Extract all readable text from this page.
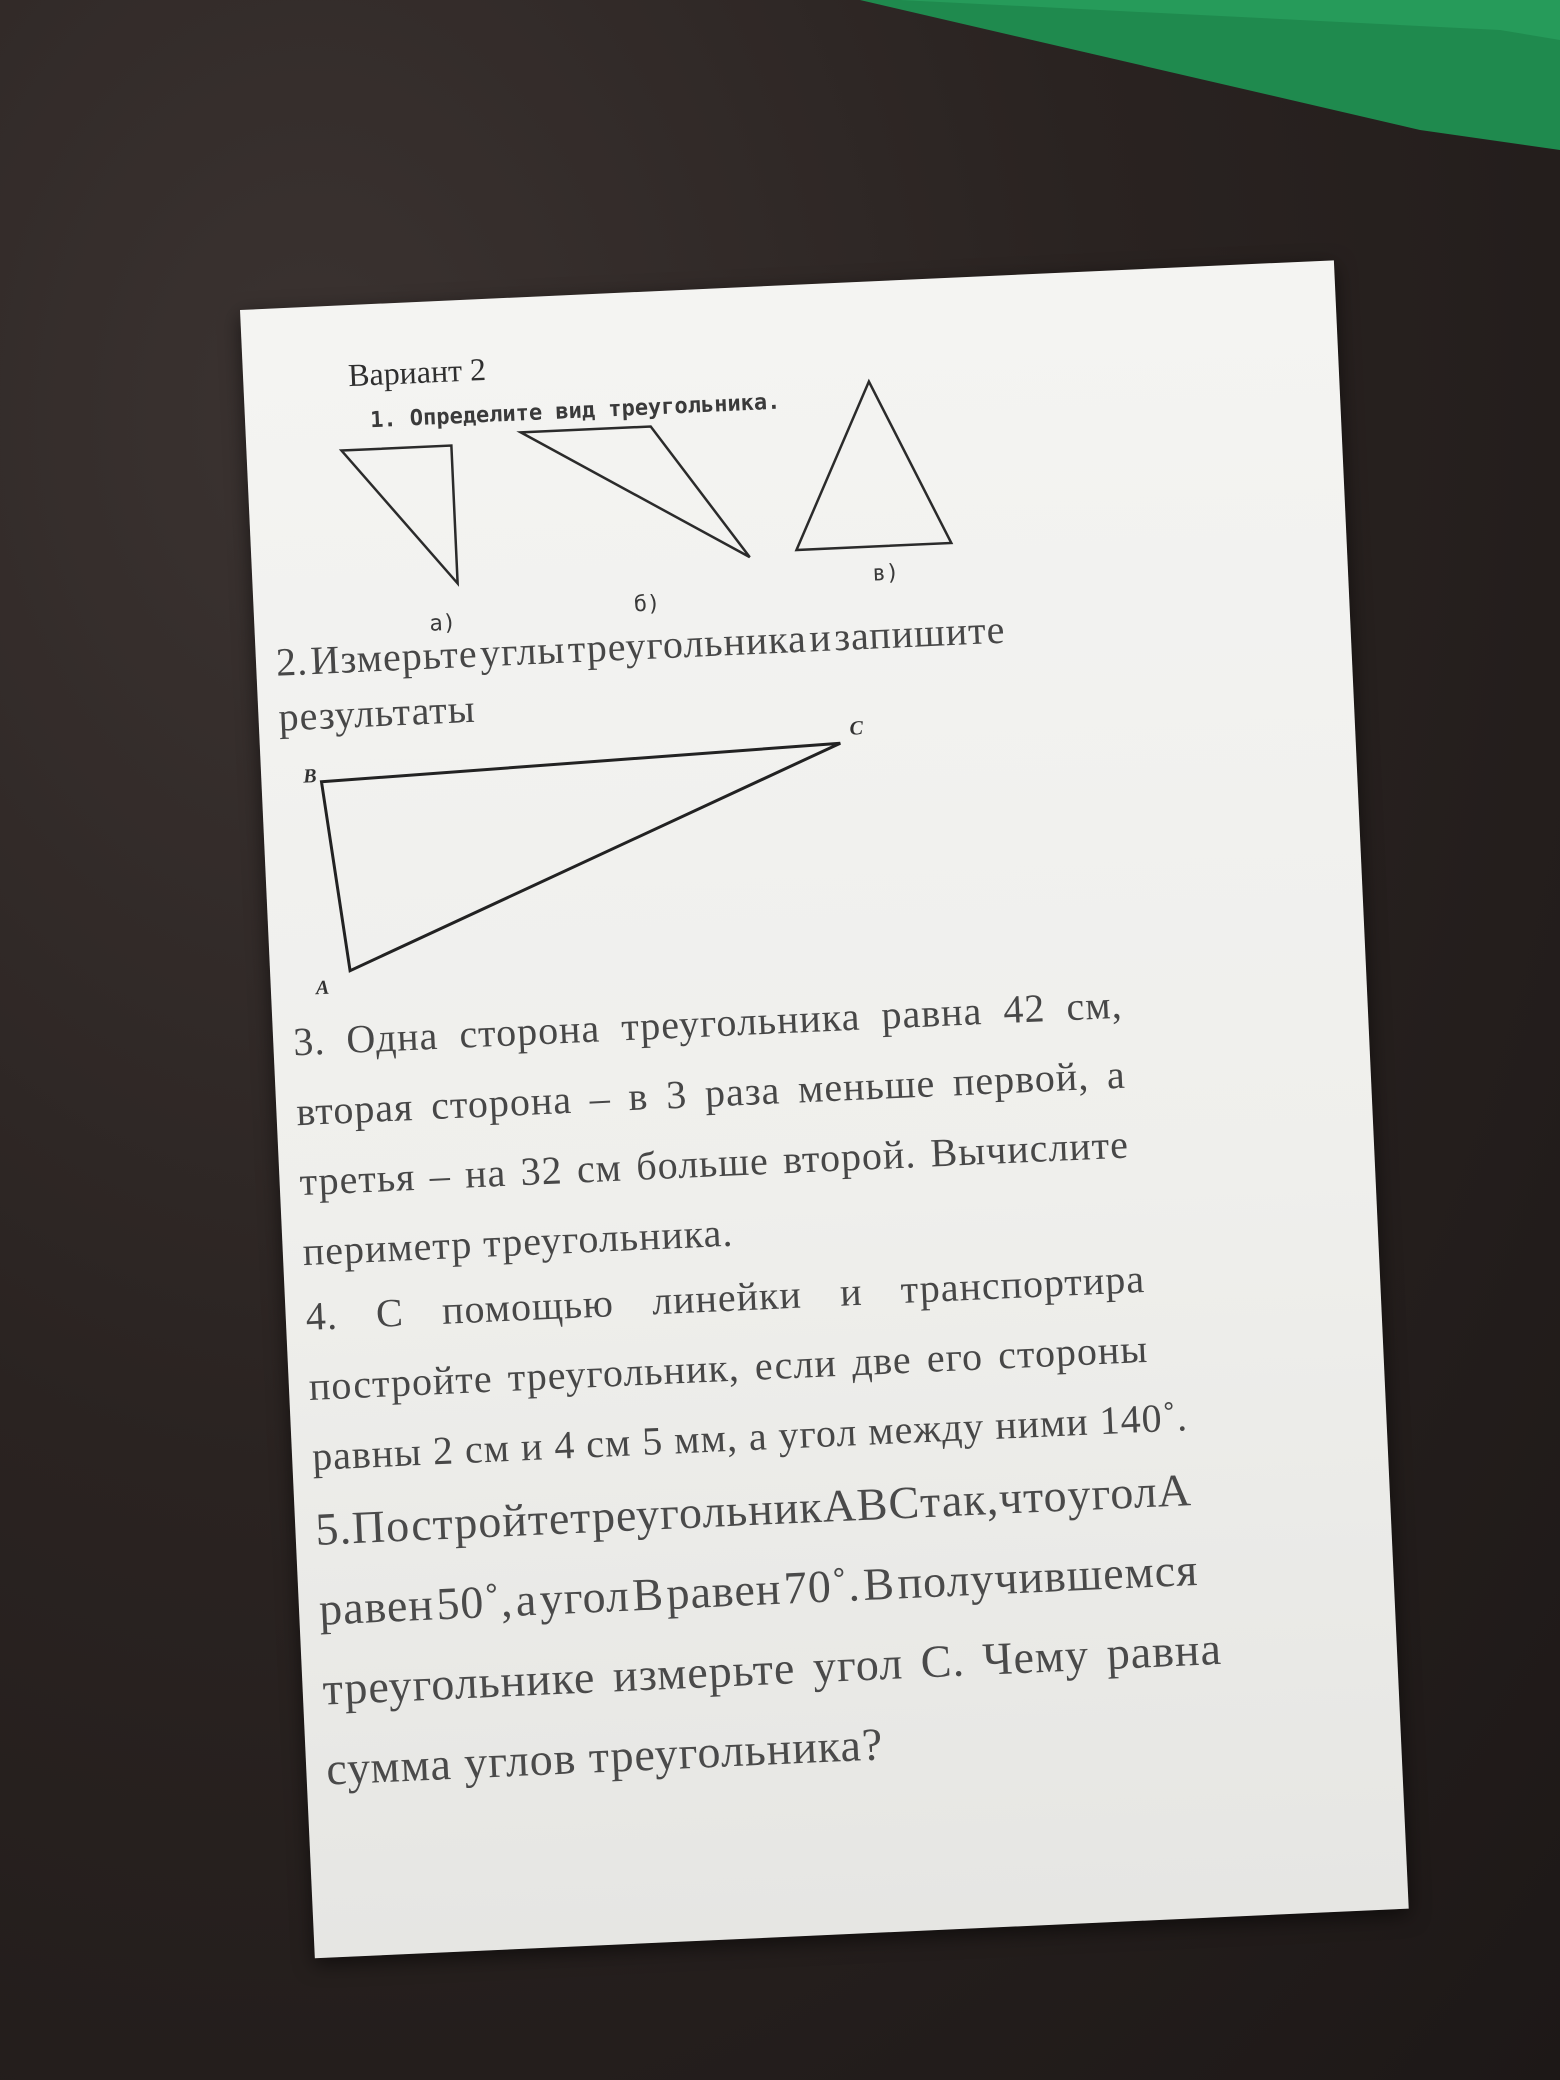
Вариант 2
1. Определите вид треугольника.
а)
б)
в)
2. Измерьте углы треугольника и запишите
результаты
B
C
A
3. Одна сторона треугольника равна 42 см,
вторая сторона – в 3 раза меньше первой, а
третья – на 32 см больше второй. Вычислите
периметр треугольника.
4. С помощью линейки и транспортира
постройте треугольник, если две его стороны
равны 2 см и 4 см 5 мм, а угол между ними 140˚.
5.
Постройте
треугольник
АВС
так,
что
угол
А
равен 50˚, а угол В равен 70˚. В получившемся
треугольнике измерьте угол С. Чему равна
сумма углов треугольника?
